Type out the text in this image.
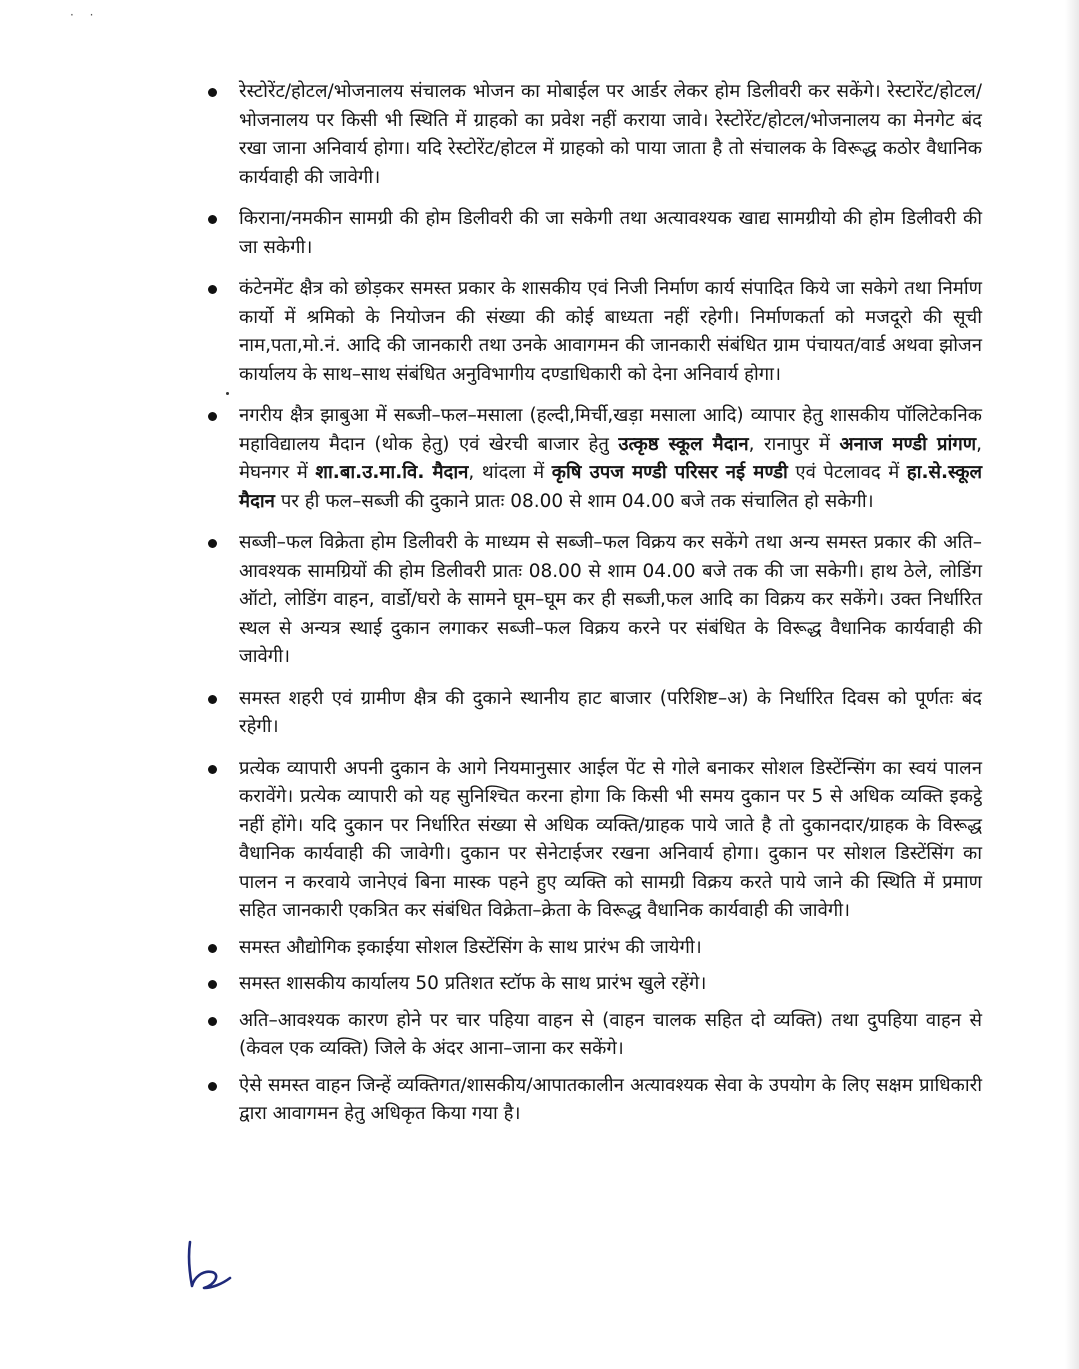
· ·
रेस्टोरेंट/होटल/भोजनालय संचालक भोजन का मोबाईल पर आर्डर लेकर होम डिलीवरी कर सकेंगे। रेस्टारेंट/होटल/भोजनालय पर किसी भी स्थिति में ग्राहको का प्रवेश नहीं कराया जावे। रेस्टोरेंट/होटल/भोजनालय का मेनगेट बंद रखा जाना अनिवार्य होगा। यदि रेस्टोरेंट/होटल में ग्राहको को पाया जाता है तो संचालक के विरूद्ध कठोर वैधानिक कार्यवाही की जावेगी।
किराना/नमकीन सामग्री की होम डिलीवरी की जा सकेगी तथा अत्यावश्यक खाद्य सामग्रीयो की होम डिलीवरी की जा सकेगी।
कंटेनमेंट क्षैत्र को छोड़कर समस्त प्रकार के शासकीय एवं निजी निर्माण कार्य संपादित किये जा सकेगे तथा निर्माण कार्यो में श्रमिको के नियोजन की संख्या की कोई बाध्यता नहीं रहेगी। निर्माणकर्ता को मजदूरो की सूची नाम,पता,मो.नं. आदि की जानकारी तथा उनके आवागमन की जानकारी संबंधित ग्राम पंचायत/वार्ड अथवा झोजन कार्यालय के साथ–साथ संबंधित अनुविभागीय दण्डाधिकारी को देना अनिवार्य होगा।
नगरीय क्षैत्र झाबुआ में सब्जी–फल–मसाला (हल्दी,मिर्ची,खड़ा मसाला आदि) व्यापार हेतु शासकीय पॉलिटेकनिक महाविद्यालय मैदान (थोक हेतु) एवं खेरची बाजार हेतु उत्कृष्ठ स्कूल मैदान, रानापुर में अनाज मण्डी प्रांगण, मेघनगर में शा.बा.उ.मा.वि. मैदान, थांदला में कृषि उपज मण्डी परिसर नई मण्डी एवं पेटलावद में हा.से.स्कूल मैदान पर ही फल–सब्जी की दुकाने प्रातः 08.00 से शाम 04.00 बजे तक संचालित हो सकेगी।
सब्जी–फल विक्रेता होम डिलीवरी के माध्यम से सब्जी–फल विक्रय कर सकेंगे तथा अन्य समस्त प्रकार की अति–आवश्यक सामग्रियों की होम डिलीवरी प्रातः 08.00 से शाम 04.00 बजे तक की जा सकेगी। हाथ ठेले, लोडिंग ऑटो, लोडिंग वाहन, वार्डो/घरो के सामने घूम–घूम कर ही सब्जी,फल आदि का विक्रय कर सकेंगे। उक्त निर्धारित स्थल से अन्यत्र स्थाई दुकान लगाकर सब्जी–फल विक्रय करने पर संबंधित के विरूद्ध वैधानिक कार्यवाही की जावेगी।
समस्त शहरी एवं ग्रामीण क्षैत्र की दुकाने स्थानीय हाट बाजार (परिशिष्ट–अ) के निर्धारित दिवस को पूर्णतः बंद रहेगी।
प्रत्येक व्यापारी अपनी दुकान के आगे नियमानुसार आईल पेंट से गोले बनाकर सोशल डिस्टेंन्सिंग का स्वयं पालन करावेंगे। प्रत्येक व्यापारी को यह सुनिश्चित करना होगा कि किसी भी समय दुकान पर 5 से अधिक व्यक्ति इकट्ठे नहीं होंगे। यदि दुकान पर निर्धारित संख्या से अधिक व्यक्ति/ग्राहक पाये जाते है तो दुकानदार/ग्राहक के विरूद्ध वैधानिक कार्यवाही की जावेगी। दुकान पर सेनेटाईजर रखना अनिवार्य होगा। दुकान पर सोशल डिस्टेंसिंग का पालन न करवाये जानेएवं बिना मास्क पहने हुए व्यक्ति को सामग्री विक्रय करते पाये जाने की स्थिति में प्रमाण सहित जानकारी एकत्रित कर संबंधित विक्रेता–क्रेता के विरूद्ध वैधानिक कार्यवाही की जावेगी।
समस्त औद्योगिक इकाईया सोशल डिस्टेंसिंग के साथ प्रारंभ की जायेगी।
समस्त शासकीय कार्यालय 50 प्रतिशत स्टॉफ के साथ प्रारंभ खुले रहेंगे।
अति–आवश्यक कारण होने पर चार पहिया वाहन से (वाहन चालक सहित दो व्यक्ति) तथा दुपहिया वाहन से (केवल एक व्यक्ति) जिले के अंदर आना–जाना कर सकेंगे।
ऐसे समस्त वाहन जिन्हें व्यक्तिगत/शासकीय/आपातकालीन अत्यावश्यक सेवा के उपयोग के लिए सक्षम प्राधिकारी द्वारा आवागमन हेतु अधिकृत किया गया है।
